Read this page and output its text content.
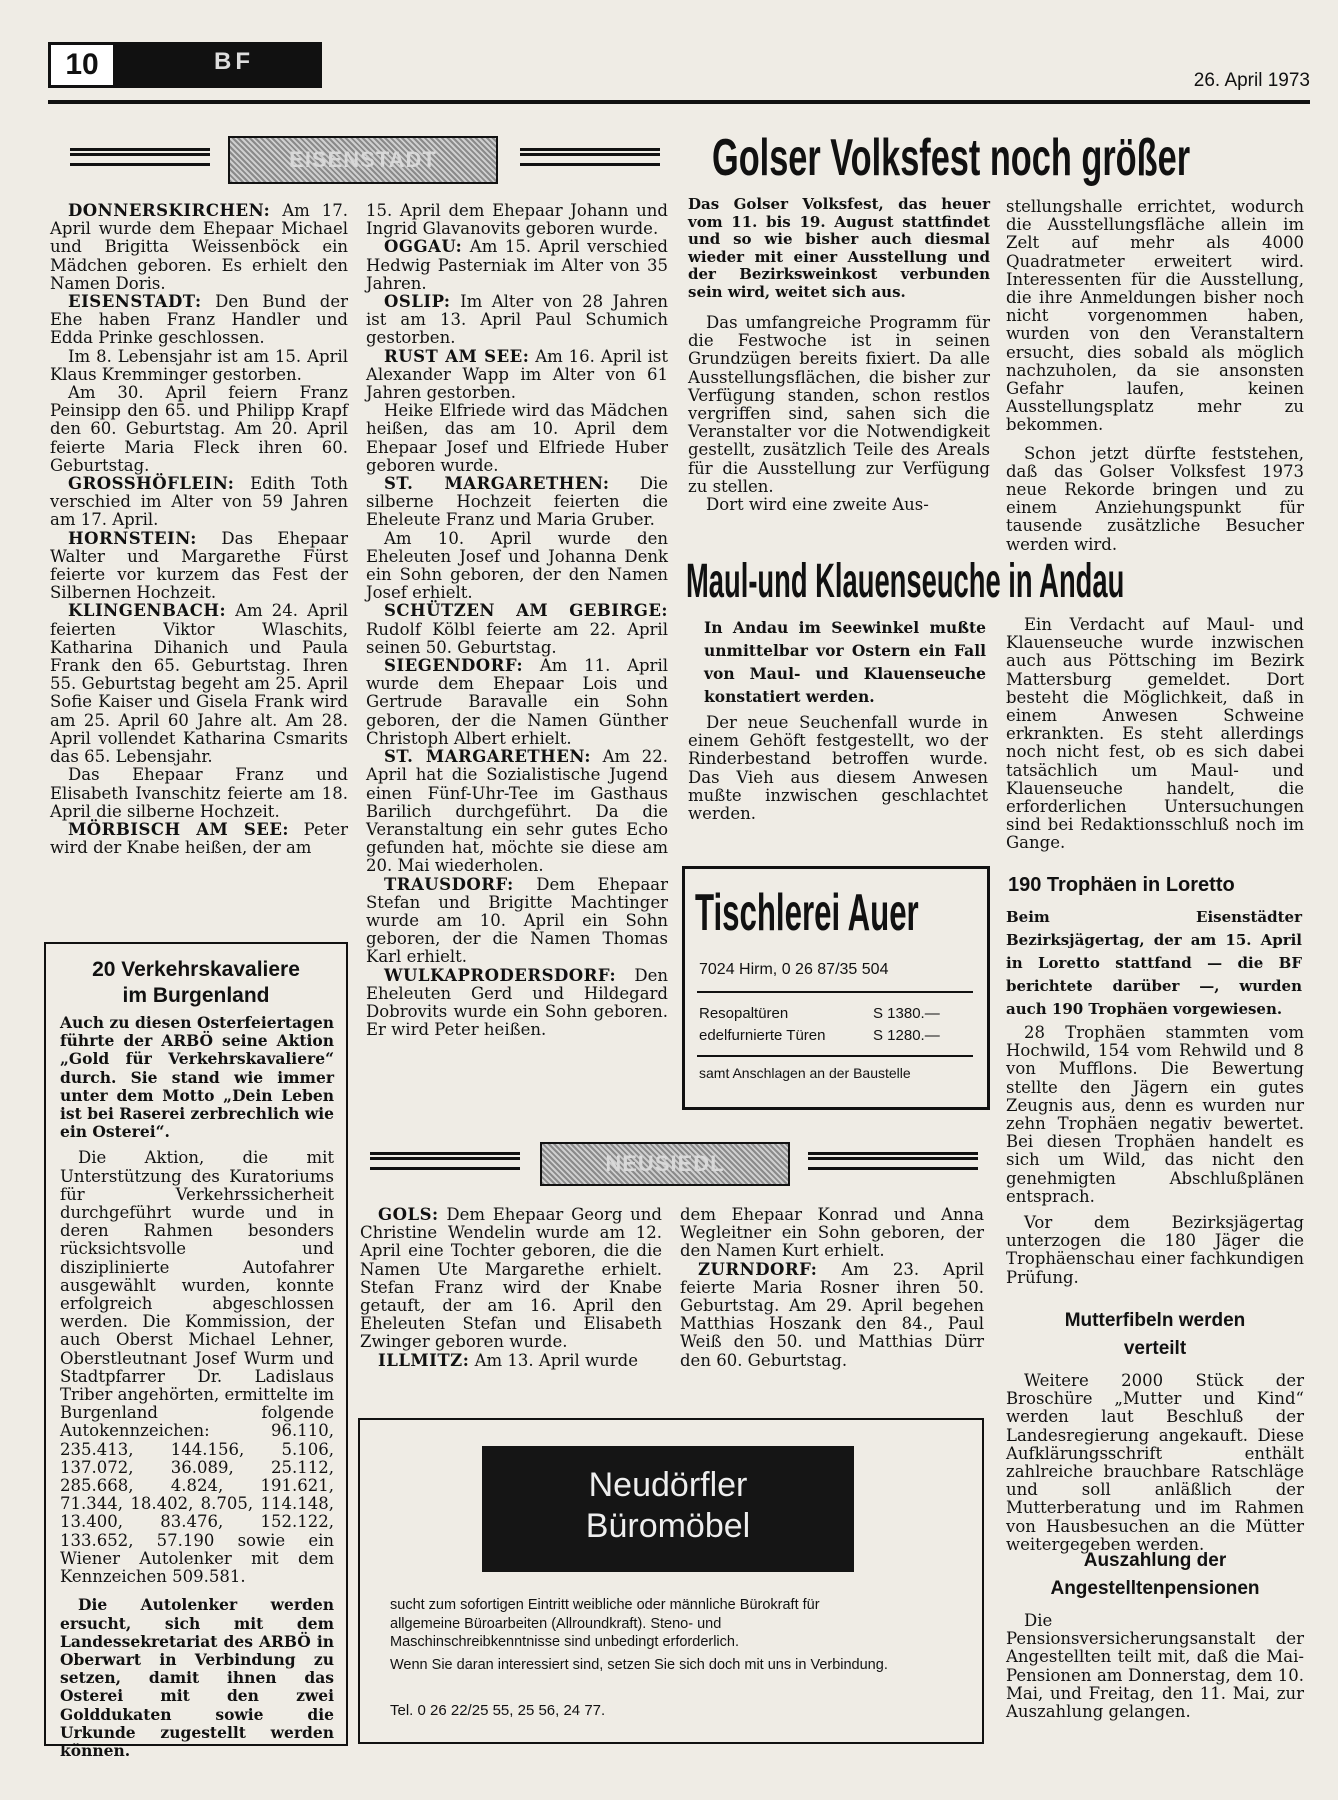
10	BF
26. April 1973
EISENSTADT

DONNERSKIRCHEN: Am 17. April wurde dem Ehepaar Michael und Brigitta Weissenböck ein Mädchen geboren. Es erhielt den Namen Doris.

EISENSTADT: Den Bund der Ehe haben Franz Handler und Edda Prinke geschlossen.

Im 8. Lebensjahr ist am 15. April Klaus Kremminger gestorben.

Am 30. April feiern Franz Peinsipp den 65. und Philipp Krapf den 60. Geburtstag. Am 20. April feierte Maria Fleck ihren 60. Geburtstag.

GROSSHÖFLEIN: Edith Toth verschied im Alter von 59 Jahren am 17. April.

HORNSTEIN: Das Ehepaar Walter und Margarethe Fürst feierte vor kurzem das Fest der Silbernen Hochzeit.

KLINGENBACH: Am 24. April feierten Viktor Wlaschits, Katharina Dihanich und Paula Frank den 65. Geburtstag. Ihren 55. Geburtstag begeht am 25. April Sofie Kaiser und Gisela Frank wird am 25. April 60 Jahre alt. Am 28. April vollendet Katharina Csmarits das 65. Lebensjahr.

Das Ehepaar Franz und Elisabeth Ivanschitz feierte am 18. April die silberne Hochzeit.

MÖRBISCH AM SEE: Peter wird der Knabe heißen, der am

15. April dem Ehepaar Johann und Ingrid Glavanovits geboren wurde.

OGGAU: Am 15. April verschied Hedwig Pasterniak im Alter von 35 Jahren.

OSLIP: Im Alter von 28 Jahren ist am 13. April Paul Schumich gestorben.

RUST AM SEE: Am 16. April ist Alexander Wapp im Alter von 61 Jahren gestorben.

Heike Elfriede wird das Mädchen heißen, das am 10. April dem Ehepaar Josef und Elfriede Huber geboren wurde.

ST. MARGARETHEN: Die silberne Hochzeit feierten die Eheleute Franz und Maria Gruber.

Am 10. April wurde den Eheleuten Josef und Johanna Denk ein Sohn geboren, der den Namen Josef erhielt.

SCHÜTZEN AM GEBIRGE: Rudolf Kölbl feierte am 22. April seinen 50. Geburtstag.

SIEGENDORF: Am 11. April wurde dem Ehepaar Lois und Gertrude Baravalle ein Sohn geboren, der die Namen Günther Christoph Albert erhielt.

ST. MARGARETHEN: Am 22. April hat die Sozialistische Jugend einen Fünf-Uhr-Tee im Gasthaus Barilich durchgeführt. Da die Veranstaltung ein sehr gutes Echo gefunden hat, möchte sie diese am 20. Mai wiederholen.

TRAUSDORF: Dem Ehepaar Stefan und Brigitte Machtinger wurde am 10. April ein Sohn geboren, der die Namen Thomas Karl erhielt.

WULKAPRODERSDORF: Den Eheleuten Gerd und Hildegard Dobrovits wurde ein Sohn geboren. Er wird Peter heißen.

Golser Volksfest noch größer
Das Golser Volksfest, das heuer vom 11. bis 19. August stattfindet und so wie bisher auch diesmal wieder mit einer Ausstellung und der Bezirksweinkost verbunden sein wird, weitet sich aus.

Das umfangreiche Programm für die Festwoche ist in seinen Grundzügen bereits fixiert. Da alle Ausstellungsflächen, die bisher zur Verfügung standen, schon restlos vergriffen sind, sahen sich die Veranstalter vor die Notwendigkeit gestellt, zusätzlich Teile des Areals für die Ausstellung zur Verfügung zu stellen.

Dort wird eine zweite Aus-

stellungshalle errichtet, wodurch die Ausstellungsfläche allein im Zelt auf mehr als 4000 Quadratmeter erweitert wird. Interessenten für die Ausstellung, die ihre Anmeldungen bisher noch nicht vorgenommen haben, wurden von den Veranstaltern ersucht, dies sobald als möglich nachzuholen, da sie ansonsten Gefahr laufen, keinen Ausstellungsplatz mehr zu bekommen.

Schon jetzt dürfte feststehen, daß das Golser Volksfest 1973 neue Rekorde bringen und zu einem Anziehungspunkt für tausende zusätzliche Besucher werden wird.

Maul-und Klauenseuche in Andau
In Andau im Seewinkel mußte unmittelbar vor Ostern ein Fall von Maul- und Klauenseuche konstatiert werden.

Der neue Seuchenfall wurde in einem Gehöft festgestellt, wo der Rinderbestand betroffen wurde. Das Vieh aus diesem Anwesen mußte inzwischen geschlachtet werden.

Ein Verdacht auf Maul- und Klauenseuche wurde inzwischen auch aus Pöttsching im Bezirk Mattersburg gemeldet. Dort besteht die Möglichkeit, daß in einem Anwesen Schweine erkrankten. Es steht allerdings noch nicht fest, ob es sich dabei tatsächlich um Maul- und Klauenseuche handelt, die erforderlichen Untersuchungen sind bei Redaktionsschluß noch im Gange.

20 Verkehrskavaliere
im Burgenland
Auch zu diesen Osterfeiertagen führte der ARBÖ seine Aktion „Gold für Verkehrskavaliere“ durch. Sie stand wie immer unter dem Motto „Dein Leben ist bei Raserei zerbrechlich wie ein Osterei“.

Die Aktion, die mit Unterstützung des Kuratoriums für Verkehrssicherheit durchgeführt wurde und in deren Rahmen besonders rücksichtsvolle und disziplinierte Autofahrer ausgewählt wurden, konnte erfolgreich abgeschlossen werden. Die Kommission, der auch Oberst Michael Lehner, Oberstleutnant Josef Wurm und Stadtpfarrer Dr. Ladislaus Triber angehörten, ermittelte im Burgenland folgende Autokennzeichen: 96.110, 235.413, 144.156, 5.106, 137.072, 36.089, 25.112, 285.668, 4.824, 191.621, 71.344, 18.402, 8.705, 114.148, 13.400, 83.476, 152.122, 133.652, 57.190 sowie ein Wiener Autolenker mit dem Kennzeichen 509.581.

Die Autolenker werden ersucht, sich mit dem Landessekretariat des ARBÖ in Oberwart in Verbindung zu setzen, damit ihnen das Osterei mit den zwei Golddukaten sowie die Urkunde zugestellt werden können.

Tischlerei Auer
7024 Hirm, 0 26 87/35 504
Resopaltüren	S 1380.—
edelfurnierte Türen	S 1280.—
samt Anschlagen an der Baustelle
NEUSIEDL

GOLS: Dem Ehepaar Georg und Christine Wendelin wurde am 12. April eine Tochter geboren, die die Namen Ute Margarethe erhielt. Stefan Franz wird der Knabe getauft, der am 16. April den Eheleuten Stefan und Elisabeth Zwinger geboren wurde.

ILLMITZ: Am 13. April wurde

dem Ehepaar Konrad und Anna Wegleitner ein Sohn geboren, der den Namen Kurt erhielt.

ZURNDORF: Am 23. April feierte Maria Rosner ihren 50. Geburtstag. Am 29. April begehen Matthias Hoszank den 84., Paul Weiß den 50. und Matthias Dürr den 60. Geburtstag.

Neudörfler
Büromöbel
sucht zum sofortigen Eintritt weibliche oder männliche Bürokraft für allgemeine Büroarbeiten (Allroundkraft). Steno- und Maschinschreibkenntnisse sind unbedingt erforderlich.
Wenn Sie daran interessiert sind, setzen Sie sich doch mit uns in Verbindung.
Tel. 0 26 22/25 55, 25 56, 24 77.
190 Trophäen in Loretto
Beim Eisenstädter Bezirksjägertag, der am 15. April in Loretto stattfand — die BF berichtete darüber —, wurden auch 190 Trophäen vorgewiesen.

28 Trophäen stammten vom Hochwild, 154 vom Rehwild und 8 von Mufflons. Die Bewertung stellte den Jägern ein gutes Zeugnis aus, denn es wurden nur zehn Trophäen negativ bewertet. Bei diesen Trophäen handelt es sich um Wild, das nicht den genehmigten Abschlußplänen entsprach.

Vor dem Bezirksjägertag unterzogen die 180 Jäger die Trophäenschau einer fachkundigen Prüfung.

Mutterfibeln werden
verteilt

Weitere 2000 Stück der Broschüre „Mutter und Kind“ werden laut Beschluß der Landesregierung angekauft. Diese Aufklärungsschrift enthält zahlreiche brauchbare Ratschläge und soll anläßlich der Mutterberatung und im Rahmen von Hausbesuchen an die Mütter weitergegeben werden.

Auszahlung der
Angestelltenpensionen

Die Pensionsversicherungsanstalt der Angestellten teilt mit, daß die Mai-Pensionen am Donnerstag, dem 10. Mai, und Freitag, den 11. Mai, zur Auszahlung gelangen.
